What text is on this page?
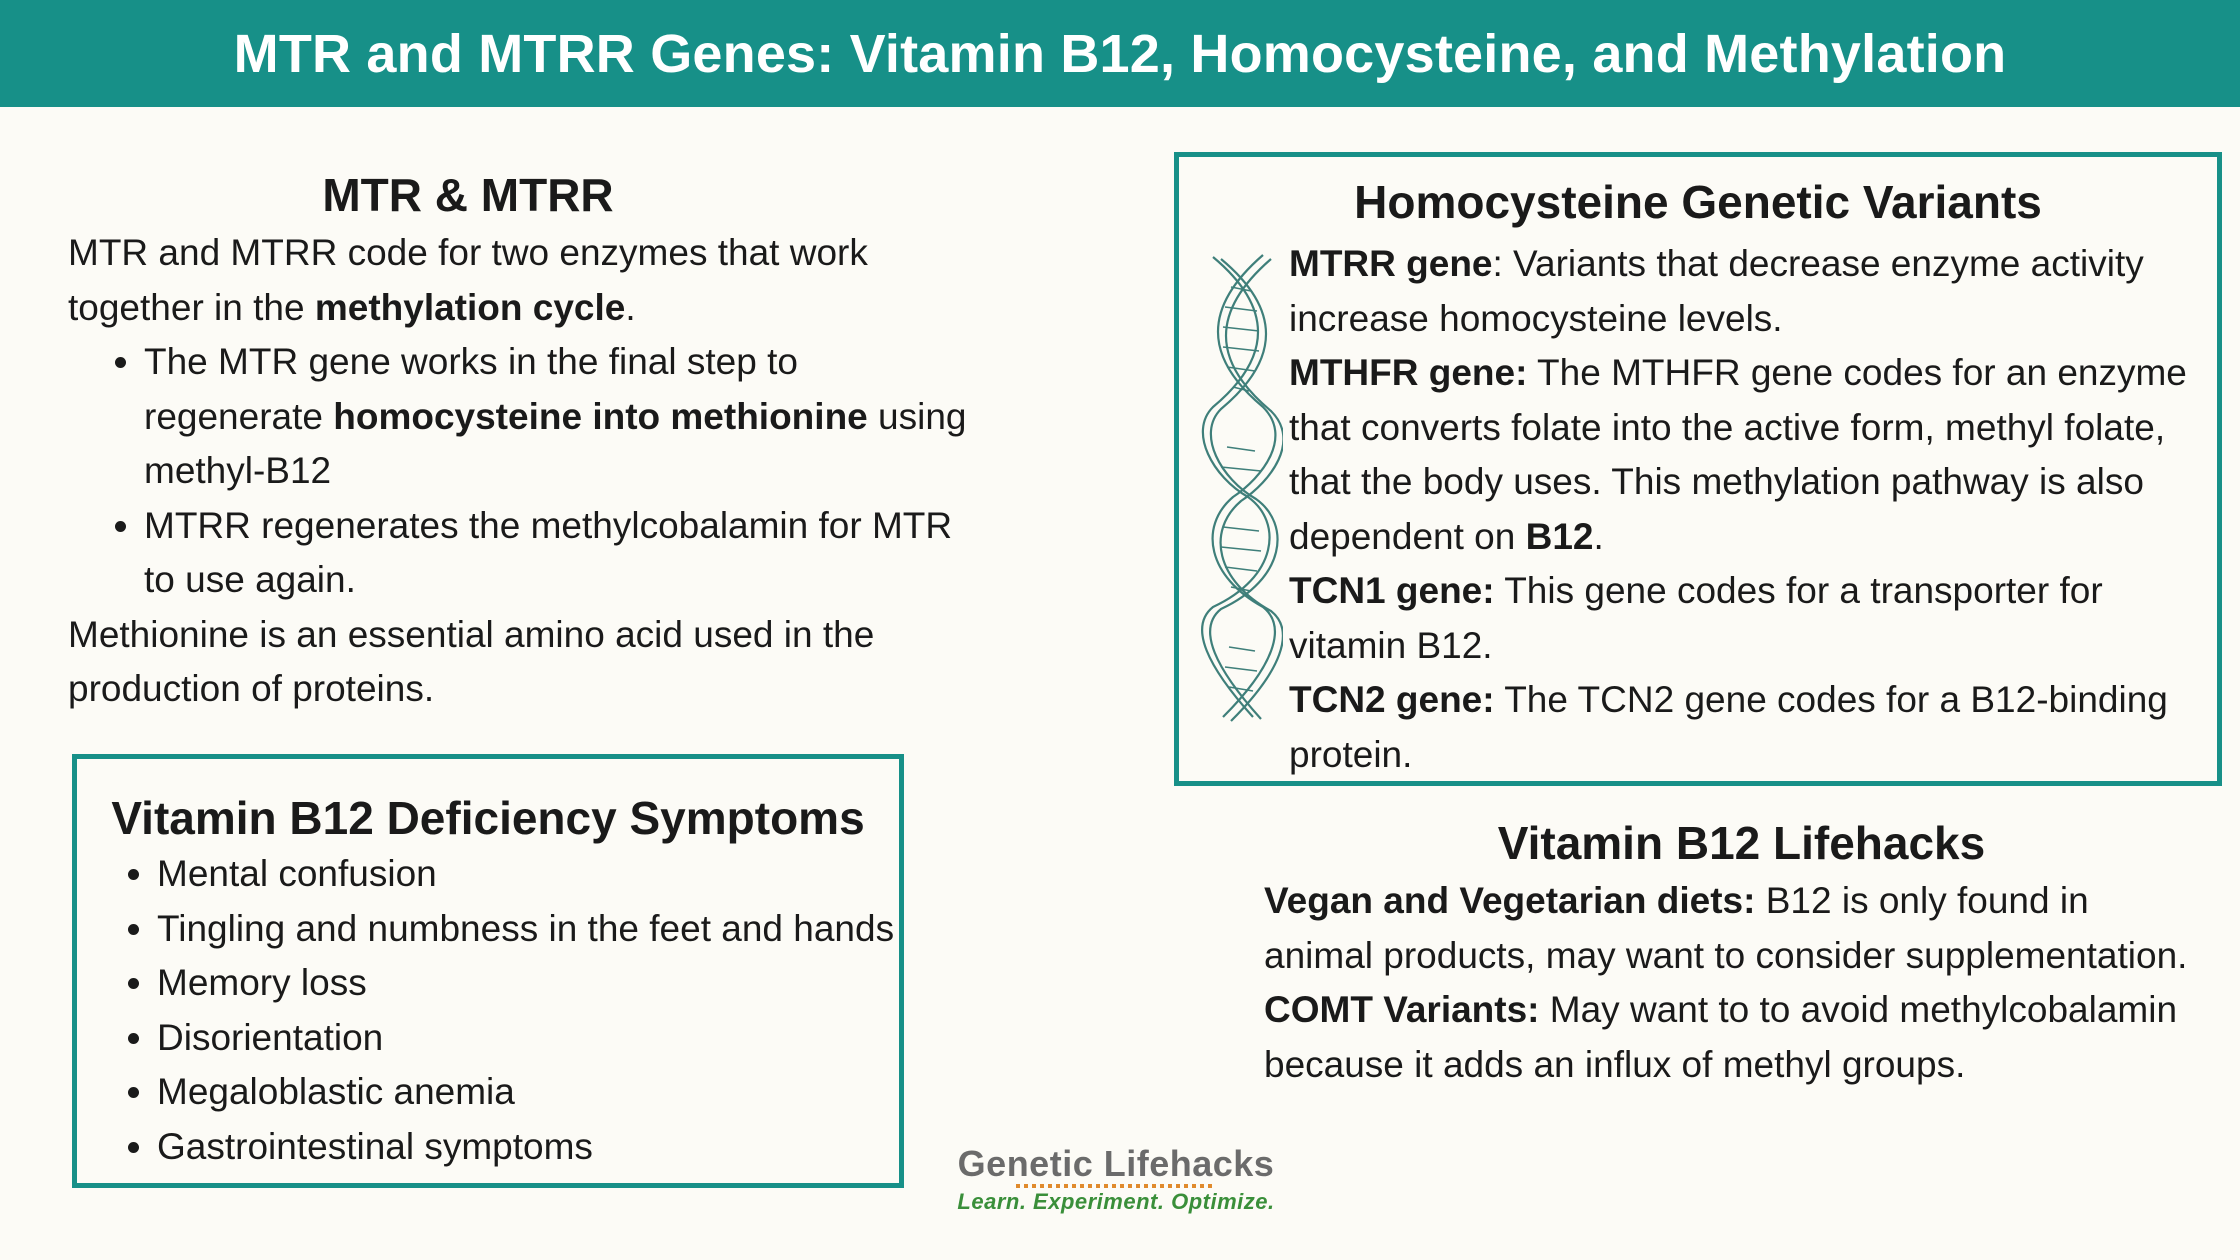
MTR and MTRR Genes: Vitamin B12, Homocysteine, and Methylation
MTR & MTRR

MTR and MTRR code for two enzymes that work together in the methylation cycle.

• The MTR gene works in the final step to regenerate homocysteine into methionine using methyl-B12
• MTRR regenerates the methylcobalamin for MTR to use again.

Methionine is an essential amino acid used in the production of proteins.

Vitamin B12 Deficiency Symptoms
• Mental confusion
• Tingling and numbness in the feet and hands
• Memory loss
• Disorientation
• Megaloblastic anemia
• Gastrointestinal symptoms
Homocysteine Genetic Variants

MTRR gene: Variants that decrease enzyme activity increase homocysteine levels.

MTHFR gene: The MTHFR gene codes for an enzyme that converts folate into the active form, methyl folate, that the body uses. This methylation pathway is also dependent on B12.

TCN1 gene: This gene codes for a transporter for vitamin B12.

TCN2 gene: The TCN2 gene codes for a B12-binding protein.

Vitamin B12 Lifehacks

Vegan and Vegetarian diets: B12 is only found in animal products, may want to consider supplementation.

COMT Variants: May want to to avoid methylcobalamin because it adds an influx of methyl groups.

Genetic Lifehacks
Learn. Experiment. Optimize.
